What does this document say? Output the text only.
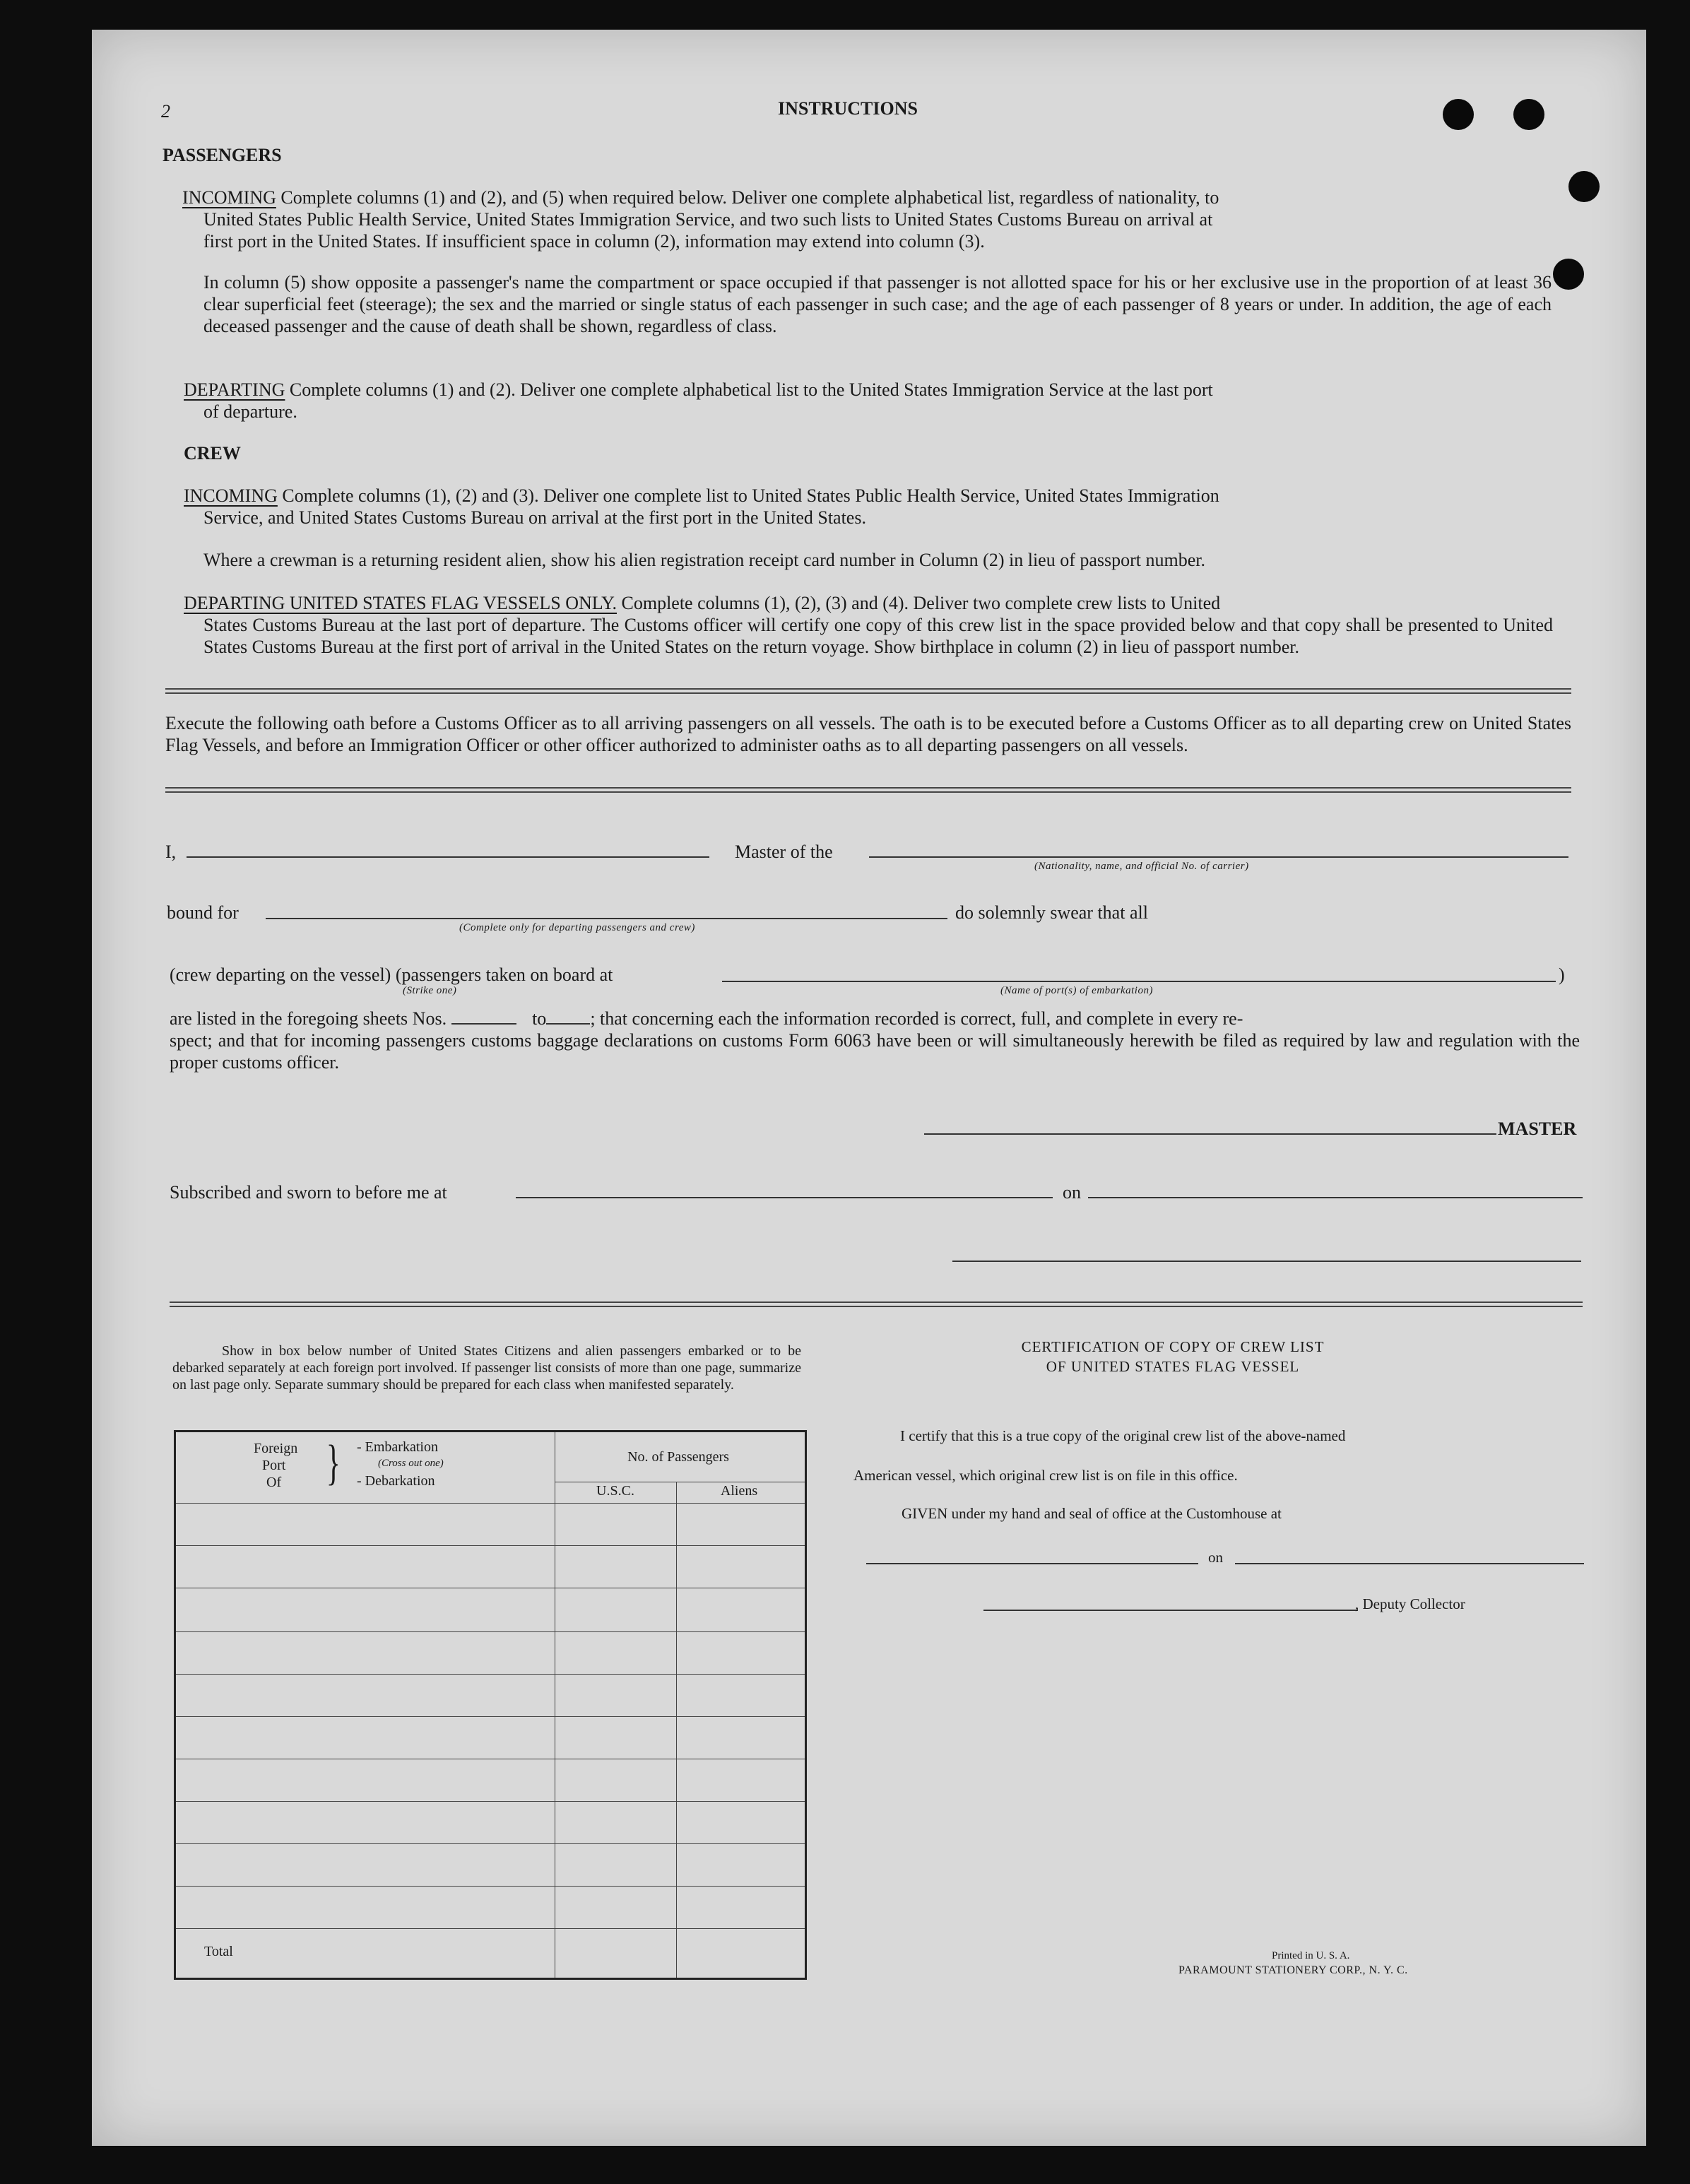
2	INSTRUCTIONS
PASSENGERS
INCOMING Complete columns (1) and (2), and (5) when required below. Deliver one complete alphabetical list, regardless of nationality, to
United States Public Health Service, United States Immigration Service, and two such lists to United States Customs Bureau on arrival at
first port in the United States. If insufficient space in column (2), information may extend into column (3).
In column (5) show opposite a passenger's name the compartment or space occupied if that passenger is not allotted space for his or her exclusive use in the proportion of at least 36 clear superficial feet (steerage); the sex and the married or single status of each passenger in such case; and the age of each passenger of 8 years or under. In addition, the age of each deceased passenger and the cause of death shall be shown, regardless of class.
DEPARTING Complete columns (1) and (2). Deliver one complete alphabetical list to the United States Immigration Service at the last port
of departure.
CREW
INCOMING Complete columns (1), (2) and (3). Deliver one complete list to United States Public Health Service, United States Immigration
Service, and United States Customs Bureau on arrival at the first port in the United States.
Where a crewman is a returning resident alien, show his alien registration receipt card number in Column (2) in lieu of passport number.
DEPARTING UNITED STATES FLAG VESSELS ONLY. Complete columns (1), (2), (3) and (4). Deliver two complete crew lists to United
States Customs Bureau at the last port of departure. The Customs officer will certify one copy of this crew list in the space provided below and that copy shall be presented to United States Customs Bureau at the first port of arrival in the United States on the return voyage. Show birthplace in column (2) in lieu of passport number.
Execute the following oath before a Customs Officer as to all arriving passengers on all vessels. The oath is to be executed before a Customs Officer as to all departing crew on United States Flag Vessels, and before an Immigration Officer or other officer authorized to administer oaths as to all departing passengers on all vessels.
I,	Master of the
(Nationality, name, and official No. of carrier)
bound for
(Complete only for departing passengers and crew)
do solemnly swear that all
(crew departing on the vessel) (passengers taken on board at	)
(Strike one)	(Name of port(s) of embarkation)
are listed in the foregoing sheets Nos.	to ; that concerning each the information recorded is correct, full, and complete in every re-
spect; and that for incoming passengers customs baggage declarations on customs Form 6063 have been or will simultaneously herewith be filed as required by law and regulation with the proper customs officer.
MASTER
Subscribed and sworn to before me at	on
Show in box below number of United States Citizens and alien passengers embarked or to be debarked separately at each foreign port involved. If passenger list consists of more than one page, summarize on last page only. Separate summary should be prepared for each class when manifested separately.
Foreign
Port
Of } - Embarkation
(Cross out one)
- Debarkation
No. of Passengers
U.S.C.	Aliens
Total
CERTIFICATION OF COPY OF CREW LIST
OF UNITED STATES FLAG VESSEL
I certify that this is a true copy of the original crew list of the above-named
American vessel, which original crew list is on file in this office.
GIVEN under my hand and seal of office at the Customhouse at
on
, Deputy Collector
Printed in U. S. A.
PARAMOUNT STATIONERY CORP., N. Y. C.
